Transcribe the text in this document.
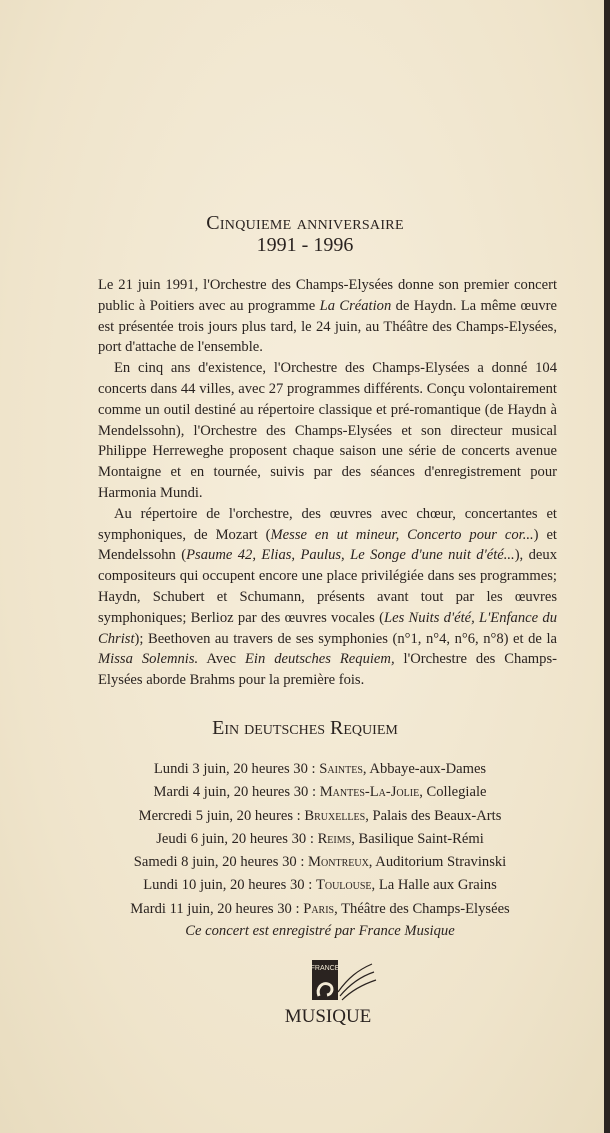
Cinquieme anniversaire
1991 - 1996

Le 21 juin 1991, l'Orchestre des Champs-Elysées donne son premier concert public à Poitiers avec au programme La Création de Haydn. La même œuvre est présentée trois jours plus tard, le 24 juin, au Théâtre des Champs-Elysées, port d'attache de l'ensemble.

En cinq ans d'existence, l'Orchestre des Champs-Elysées a donné 104 concerts dans 44 villes, avec 27 programmes différents. Conçu volontairement comme un outil destiné au répertoire classique et pré-romantique (de Haydn à Mendelssohn), l'Orchestre des Champs-Elysées et son directeur musical Philippe Herreweghe proposent chaque saison une série de concerts avenue Montaigne et en tournée, suivis par des séances d'enregistrement pour Harmonia Mundi.

Au répertoire de l'orchestre, des œuvres avec chœur, concertantes et symphoniques, de Mozart (Messe en ut mineur, Concerto pour cor...) et Mendelssohn (Psaume 42, Elias, Paulus, Le Songe d'une nuit d'été...), deux compositeurs qui occupent encore une place privilégiée dans ses programmes; Haydn, Schubert et Schumann, présents avant tout par les œuvres symphoniques; Berlioz par des œuvres vocales (Les Nuits d'été, L'Enfance du Christ); Beethoven au travers de ses symphonies (n°1, n°4, n°6, n°8) et de la Missa Solemnis. Avec Ein deutsches Requiem, l'Orchestre des Champs-Elysées aborde Brahms pour la première fois.

Ein deutsches Requiem
Lundi 3 juin, 20 heures 30 : Saintes, Abbaye-aux-Dames
Mardi 4 juin, 20 heures 30 : Mantes-La-Jolie, Collegiale
Mercredi 5 juin, 20 heures : Bruxelles, Palais des Beaux-Arts
Jeudi 6 juin, 20 heures 30 : Reims, Basilique Saint-Rémi
Samedi 8 juin, 20 heures 30 : Montreux, Auditorium Stravinski
Lundi 10 juin, 20 heures 30 : Toulouse, La Halle aux Grains
Mardi 11 juin, 20 heures 30 : Paris, Théâtre des Champs-Elysées
Ce concert est enregistré par France Musique
FRANCE
MUSIQUE
